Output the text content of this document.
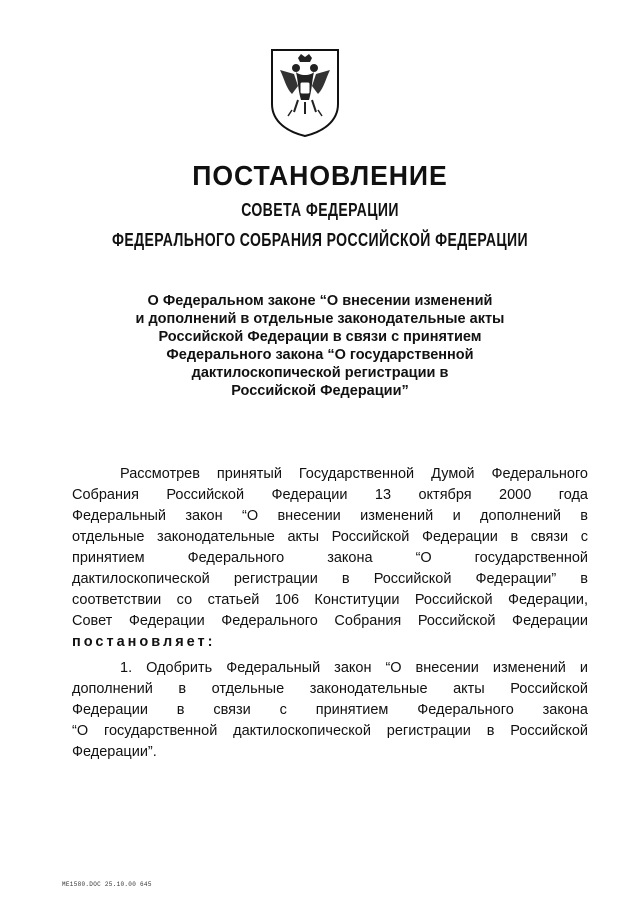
ПОСТАНОВЛЕНИЕ
СОВЕТА ФЕДЕРАЦИИ
ФЕДЕРАЛЬНОГО СОБРАНИЯ РОССИЙСКОЙ ФЕДЕРАЦИИ
О Федеральном законе “О внесении изменений
и дополнений в отдельные законодательные акты
Российской Федерации в связи с принятием
Федерального закона “О государственной
дактилоскопической регистрации в
Российской Федерации”
Рассмотрев принятый Государственной Думой Федерального
Собрания Российской Федерации 13 октября 2000 года
Федеральный закон “О внесении изменений и дополнений в
отдельные законодательные акты Российской Федерации в связи с
принятием Федерального закона “О государственной
дактилоскопической регистрации в Российской Федерации” в
соответствии со статьей 106 Конституции Российской Федерации,
Совет Федерации Федерального Собрания Российской Федерации
постановляет:
1. Одобрить Федеральный закон “О внесении изменений и
дополнений в отдельные законодательные акты Российской
Федерации в связи с принятием Федерального закона
“О государственной дактилоскопической регистрации в Российской
Федерации”.
МЕ1580.DOC 25.10.00 645
